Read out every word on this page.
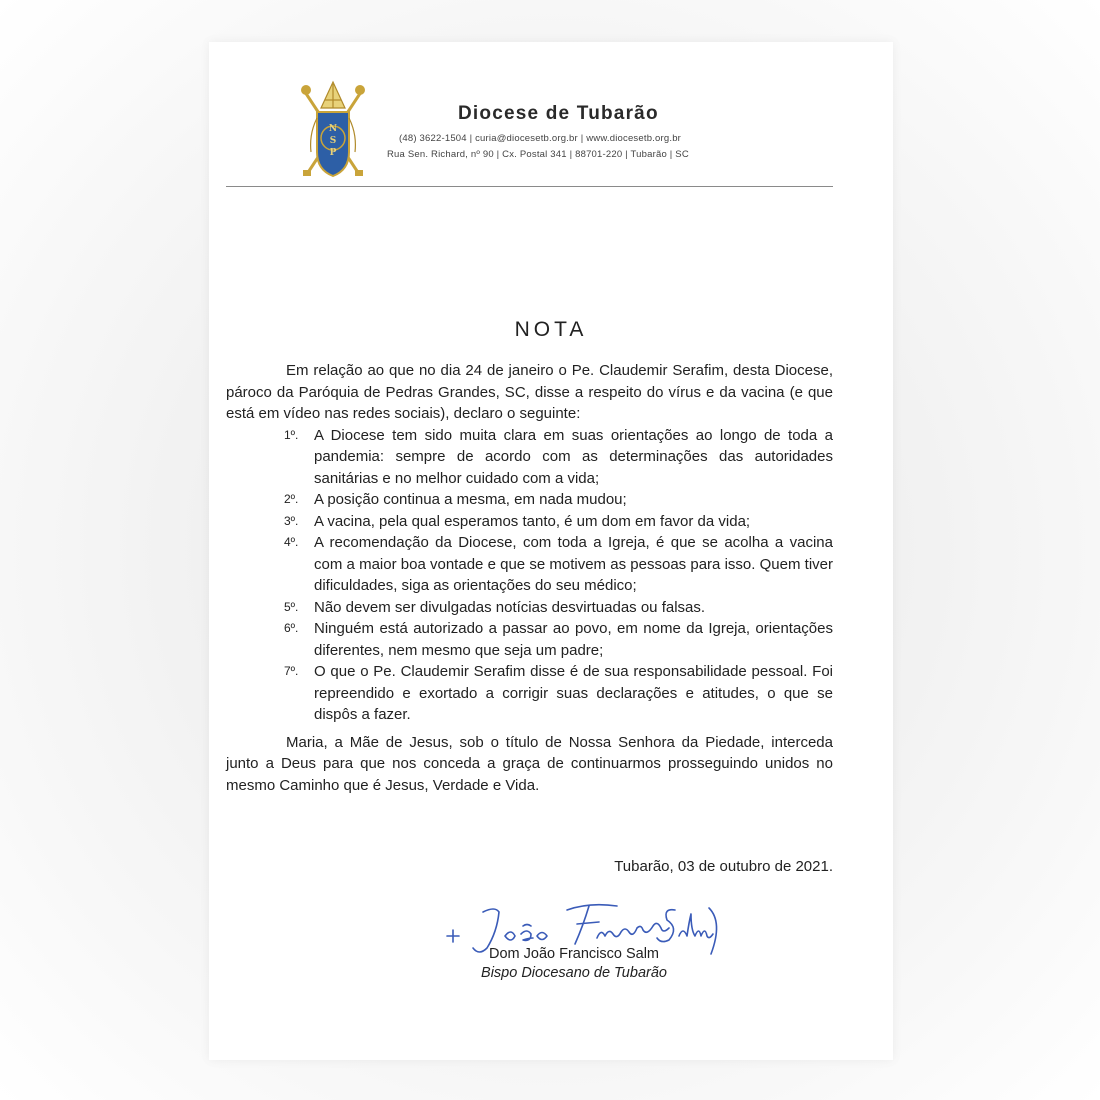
N
S
P
Diocese de Tubarão
(48) 3622-1504 | curia@diocesetb.org.br | www.diocesetb.org.br
Rua Sen. Richard, nº 90 | Cx. Postal 341 | 88701-220 | Tubarão | SC
NOTA

Em relação ao que no dia 24 de janeiro o Pe. Claudemir Serafim, desta Diocese, pároco da Paróquia de Pedras Grandes, SC, disse a respeito do vírus e da vacina (e que está em vídeo nas redes sociais), declaro o seguinte:

1º.	A Diocese tem sido muita clara em suas orientações ao longo de toda a pandemia: sempre de acordo com as determinações das autoridades sanitárias e no melhor cuidado com a vida;
2º.	A posição continua a mesma, em nada mudou;
3º.	A vacina, pela qual esperamos tanto, é um dom em favor da vida;
4º.	A recomendação da Diocese, com toda a Igreja, é que se acolha a vacina com a maior boa vontade e que se motivem as pessoas para isso. Quem tiver dificuldades, siga as orientações do seu médico;
5º.	Não devem ser divulgadas notícias desvirtuadas ou falsas.
6º.	Ninguém está autorizado a passar ao povo, em nome da Igreja, orientações diferentes, nem mesmo que seja um padre;
7º.	O que o Pe. Claudemir Serafim disse é de sua responsabilidade pessoal. Foi repreendido e exortado a corrigir suas declarações e atitudes, o que se dispôs a fazer.

Maria, a Mãe de Jesus, sob o título de Nossa Senhora da Piedade, interceda junto a Deus para que nos conceda a graça de continuarmos prosseguindo unidos no mesmo Caminho que é Jesus, Verdade e Vida.

Tubarão, 03 de outubro de 2021.
Dom João Francisco Salm
Bispo Diocesano de Tubarão
